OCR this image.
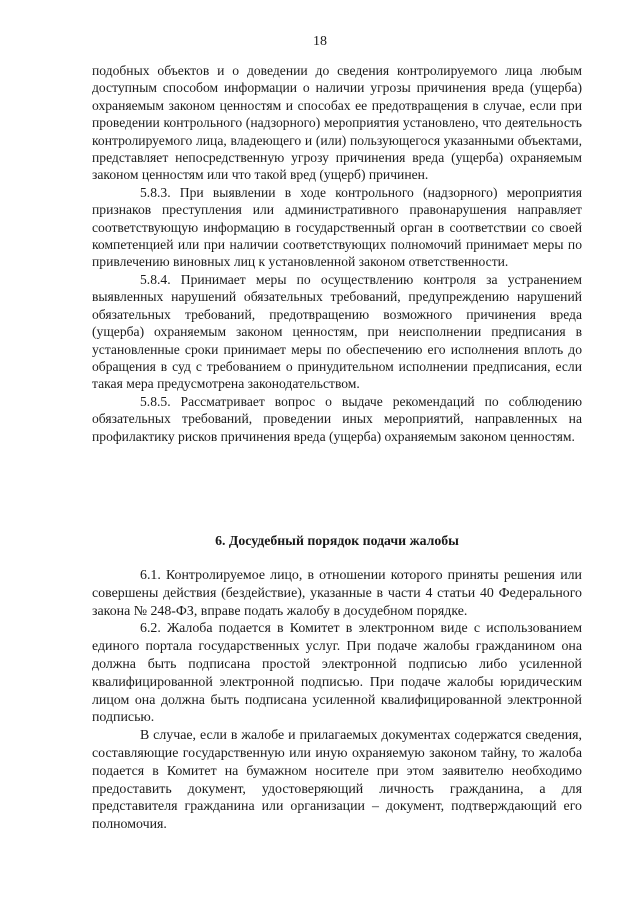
18

подобных объектов и о доведении до сведения контролируемого лица любым доступным способом информации о наличии угрозы причинения вреда (ущерба) охраняемым законом ценностям и способах ее предотвращения в случае, если при проведении контрольного (надзорного) мероприятия установлено, что деятельность контролируемого лица, владеющего и (или) пользующегося указанными объектами, представляет непосредственную угрозу причинения вреда (ущерба) охраняемым законом ценностям или что такой вред (ущерб) причинен.

5.8.3. При выявлении в ходе контрольного (надзорного) мероприятия признаков преступления или административного правонарушения направляет соответствующую информацию в государственный орган в соответствии со своей компетенцией или при наличии соответствующих полномочий принимает меры по привлечению виновных лиц к установленной законом ответственности.

5.8.4. Принимает меры по осуществлению контроля за устранением выявленных нарушений обязательных требований, предупреждению нарушений обязательных требований, предотвращению возможного причинения вреда (ущерба) охраняемым законом ценностям, при неисполнении предписания в установленные сроки принимает меры по обеспечению его исполнения вплоть до обращения в суд с требованием о принудительном исполнении предписания, если такая мера предусмотрена законодательством.

5.8.5. Рассматривает вопрос о выдаче рекомендаций по соблюдению обязательных требований, проведении иных мероприятий, направленных на профилактику рисков причинения вреда (ущерба) охраняемым законом ценностям.

6. Досудебный порядок подачи жалобы

6.1. Контролируемое лицо, в отношении которого приняты решения или совершены действия (бездействие), указанные в части 4 статьи 40 Федерального закона № 248-ФЗ, вправе подать жалобу в досудебном порядке.

6.2. Жалоба подается в Комитет в электронном виде с использованием единого портала государственных услуг. При подаче жалобы гражданином она должна быть подписана простой электронной подписью либо усиленной квалифицированной электронной подписью. При подаче жалобы юридическим лицом она должна быть подписана усиленной квалифицированной электронной подписью.

В случае, если в жалобе и прилагаемых документах содержатся сведения, составляющие государственную или иную охраняемую законом тайну, то жалоба подается в Комитет на бумажном носителе при этом заявителю необходимо предоставить документ, удостоверяющий личность гражданина, а для представителя гражданина или организации – документ, подтверждающий его полномочия.
